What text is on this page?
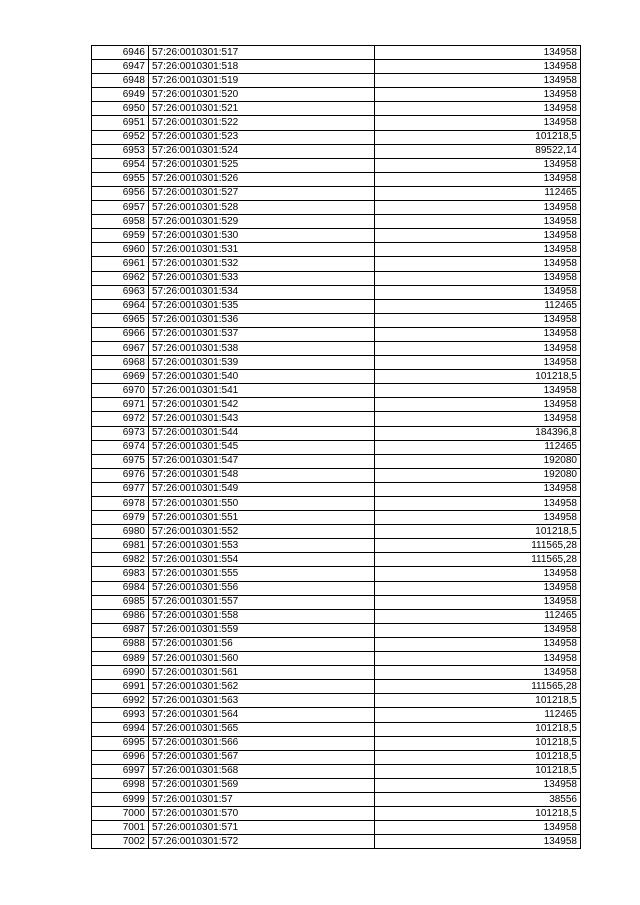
6946	57:26:0010301:517	134958
6947	57:26:0010301:518	134958
6948	57:26:0010301:519	134958
6949	57:26:0010301:520	134958
6950	57:26:0010301:521	134958
6951	57:26:0010301:522	134958
6952	57:26:0010301:523	101218,5
6953	57:26:0010301:524	89522,14
6954	57:26:0010301:525	134958
6955	57:26:0010301:526	134958
6956	57:26:0010301:527	112465
6957	57:26:0010301:528	134958
6958	57:26:0010301:529	134958
6959	57:26:0010301:530	134958
6960	57:26:0010301:531	134958
6961	57:26:0010301:532	134958
6962	57:26:0010301:533	134958
6963	57:26:0010301:534	134958
6964	57:26:0010301:535	112465
6965	57:26:0010301:536	134958
6966	57:26:0010301:537	134958
6967	57:26:0010301:538	134958
6968	57:26:0010301:539	134958
6969	57:26:0010301:540	101218,5
6970	57:26:0010301:541	134958
6971	57:26:0010301:542	134958
6972	57:26:0010301:543	134958
6973	57:26:0010301:544	184396,8
6974	57:26:0010301:545	112465
6975	57:26:0010301:547	192080
6976	57:26:0010301:548	192080
6977	57:26:0010301:549	134958
6978	57:26:0010301:550	134958
6979	57:26:0010301:551	134958
6980	57:26:0010301:552	101218,5
6981	57:26:0010301:553	111565,28
6982	57:26:0010301:554	111565,28
6983	57:26:0010301:555	134958
6984	57:26:0010301:556	134958
6985	57:26:0010301:557	134958
6986	57:26:0010301:558	112465
6987	57:26:0010301:559	134958
6988	57:26:0010301:56	134958
6989	57:26:0010301:560	134958
6990	57:26:0010301:561	134958
6991	57:26:0010301:562	111565,28
6992	57:26:0010301:563	101218,5
6993	57:26:0010301:564	112465
6994	57:26:0010301:565	101218,5
6995	57:26:0010301:566	101218,5
6996	57:26:0010301:567	101218,5
6997	57:26:0010301:568	101218,5
6998	57:26:0010301:569	134958
6999	57:26:0010301:57	38556
7000	57:26:0010301:570	101218,5
7001	57:26:0010301:571	134958
7002	57:26:0010301:572	134958
